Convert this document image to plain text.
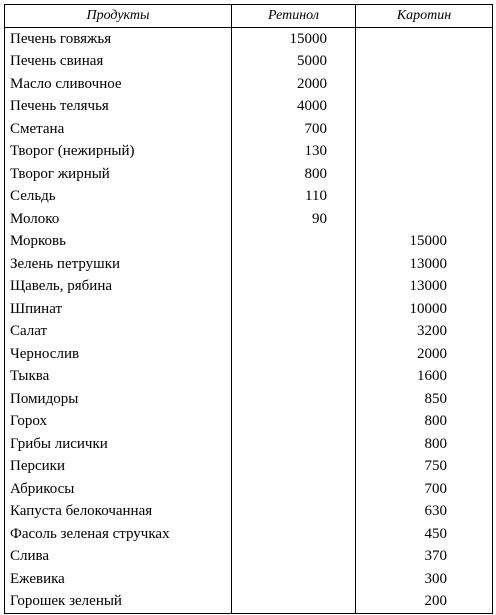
Продукты	Ретинол	Каротин
Печень говяжья	15000	
Печень свиная	5000	
Масло сливочное	2000	
Печень телячья	4000	
Сметана	700	
Творог (нежирный)	130	
Творог жирный	800	
Сельдь	110	
Молоко	90	
Морковь		15000
Зелень петрушки		13000
Щавель, рябина		13000
Шпинат		10000
Салат		3200
Чернослив		2000
Тыква		1600
Помидоры		850
Горох		800
Грибы лисички		800
Персики		750
Абрикосы		700
Капуста белокочанная		630
Фасоль зеленая стручках		450
Слива		370
Ежевика		300
Горошек зеленый		200
